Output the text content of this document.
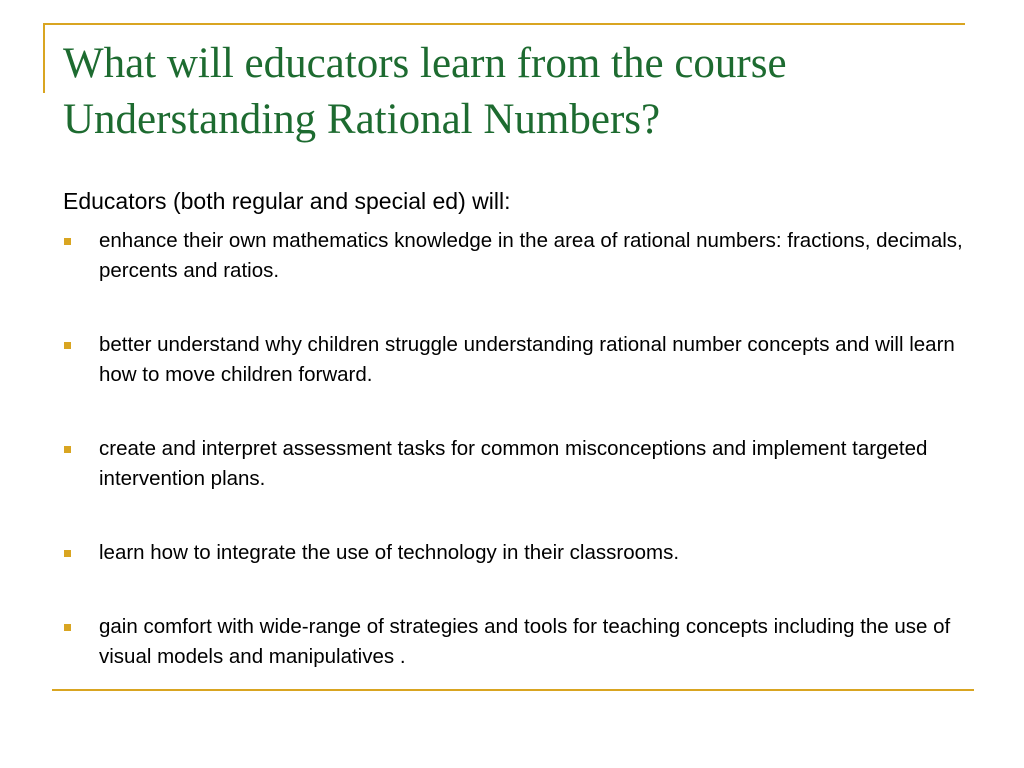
What will educators learn from the course
Understanding Rational Numbers?

Educators (both regular and special ed) will:

enhance their own mathematics knowledge in the area of rational numbers: fractions, decimals, percents and ratios.
better understand why children struggle understanding rational number concepts and will learn how to move children forward.
create and interpret assessment tasks for common misconceptions and implement targeted intervention plans.
learn how to integrate the use of technology in their classrooms.
gain comfort with wide-range of strategies and tools for teaching concepts including the use of visual models and manipulatives .
